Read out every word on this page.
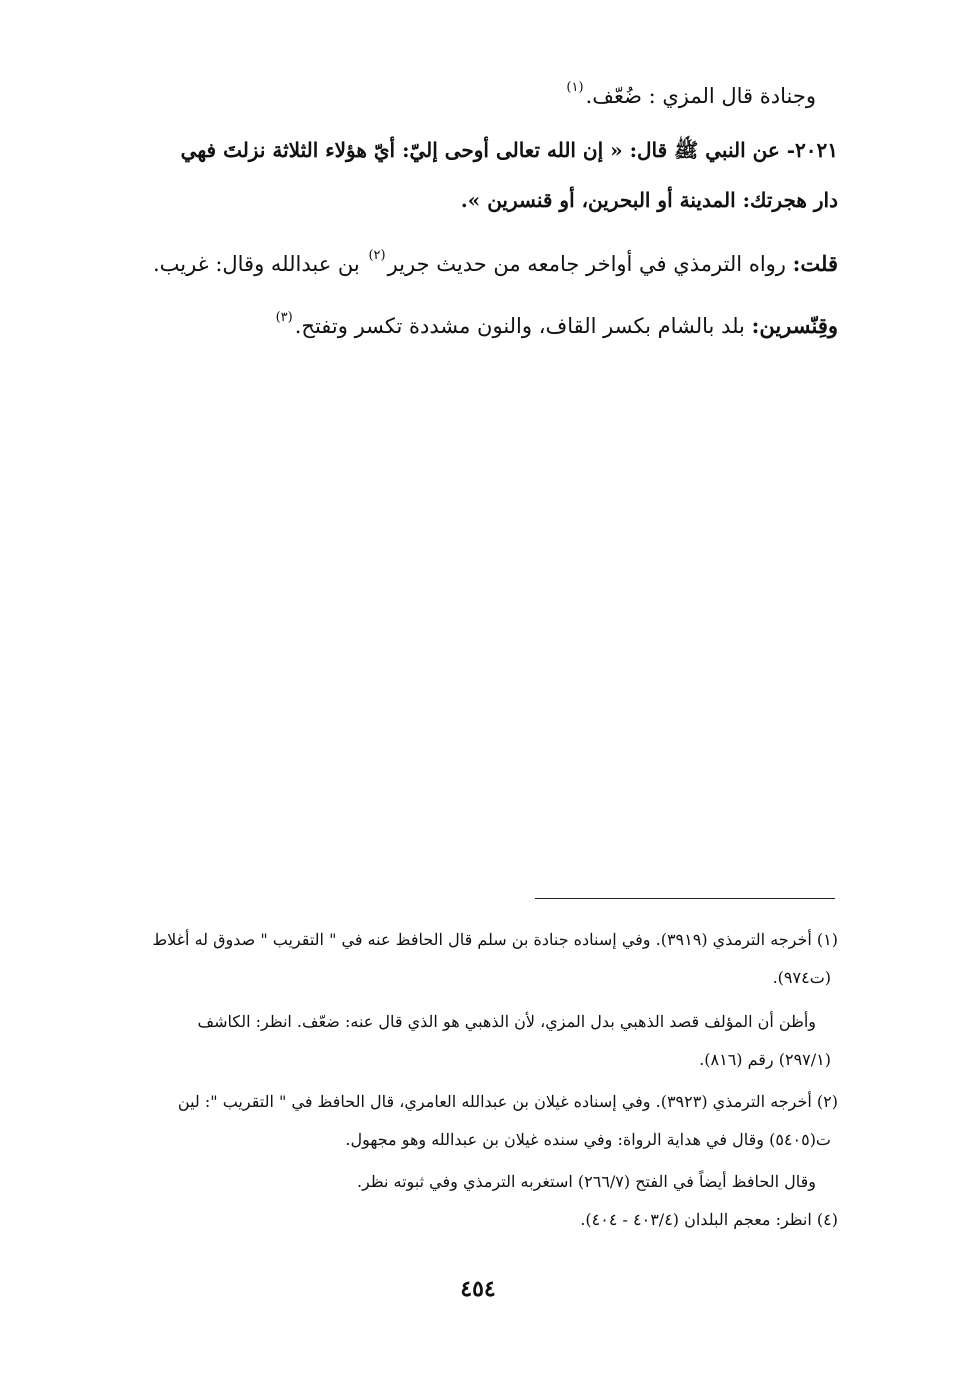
وجنادة قال المزي : ضُعّف.$^{(١)}$
٢٠٢١- عن النبي ﷺ قال: « إن الله تعالى أوحى إليّ: أيّ هؤلاء الثلاثة نزلتَ فهي
دار هجرتك: المدينة أو البحرين، أو قنسرين ».
قلت: رواه الترمذي في أواخر جامعه من حديث جرير$^{(٢)}$ بن عبدالله وقال: غريب.
وقِنّسرين: بلد بالشام بكسر القاف، والنون مشددة تكسر وتفتح.$^{(٣)}$
(١) أخرجه الترمذي (٣٩١٩). وفي إسناده جنادة بن سلم قال الحافظ عنه في " التقريب " صدوق له أغلاط
(ت٩٧٤).
وأظن أن المؤلف قصد الذهبي بدل المزي، لأن الذهبي هو الذي قال عنه: ضعّف. انظر: الكاشف
(٢٩٧/١) رقم (٨١٦).
(٢) أخرجه الترمذي (٣٩٢٣). وفي إسناده غيلان بن عبدالله العامري، قال الحافظ في " التقريب ": لين
ت(٥٤٠٥) وقال في هداية الرواة: وفي سنده غيلان بن عبدالله وهو مجهول.
وقال الحافظ أيضاً في الفتح (٢٦٦/٧) استغربه الترمذي وفي ثبوته نظر.
(٤) انظر: معجم البلدان (٤٠٣/٤ - ٤٠٤).
٤٥٤
